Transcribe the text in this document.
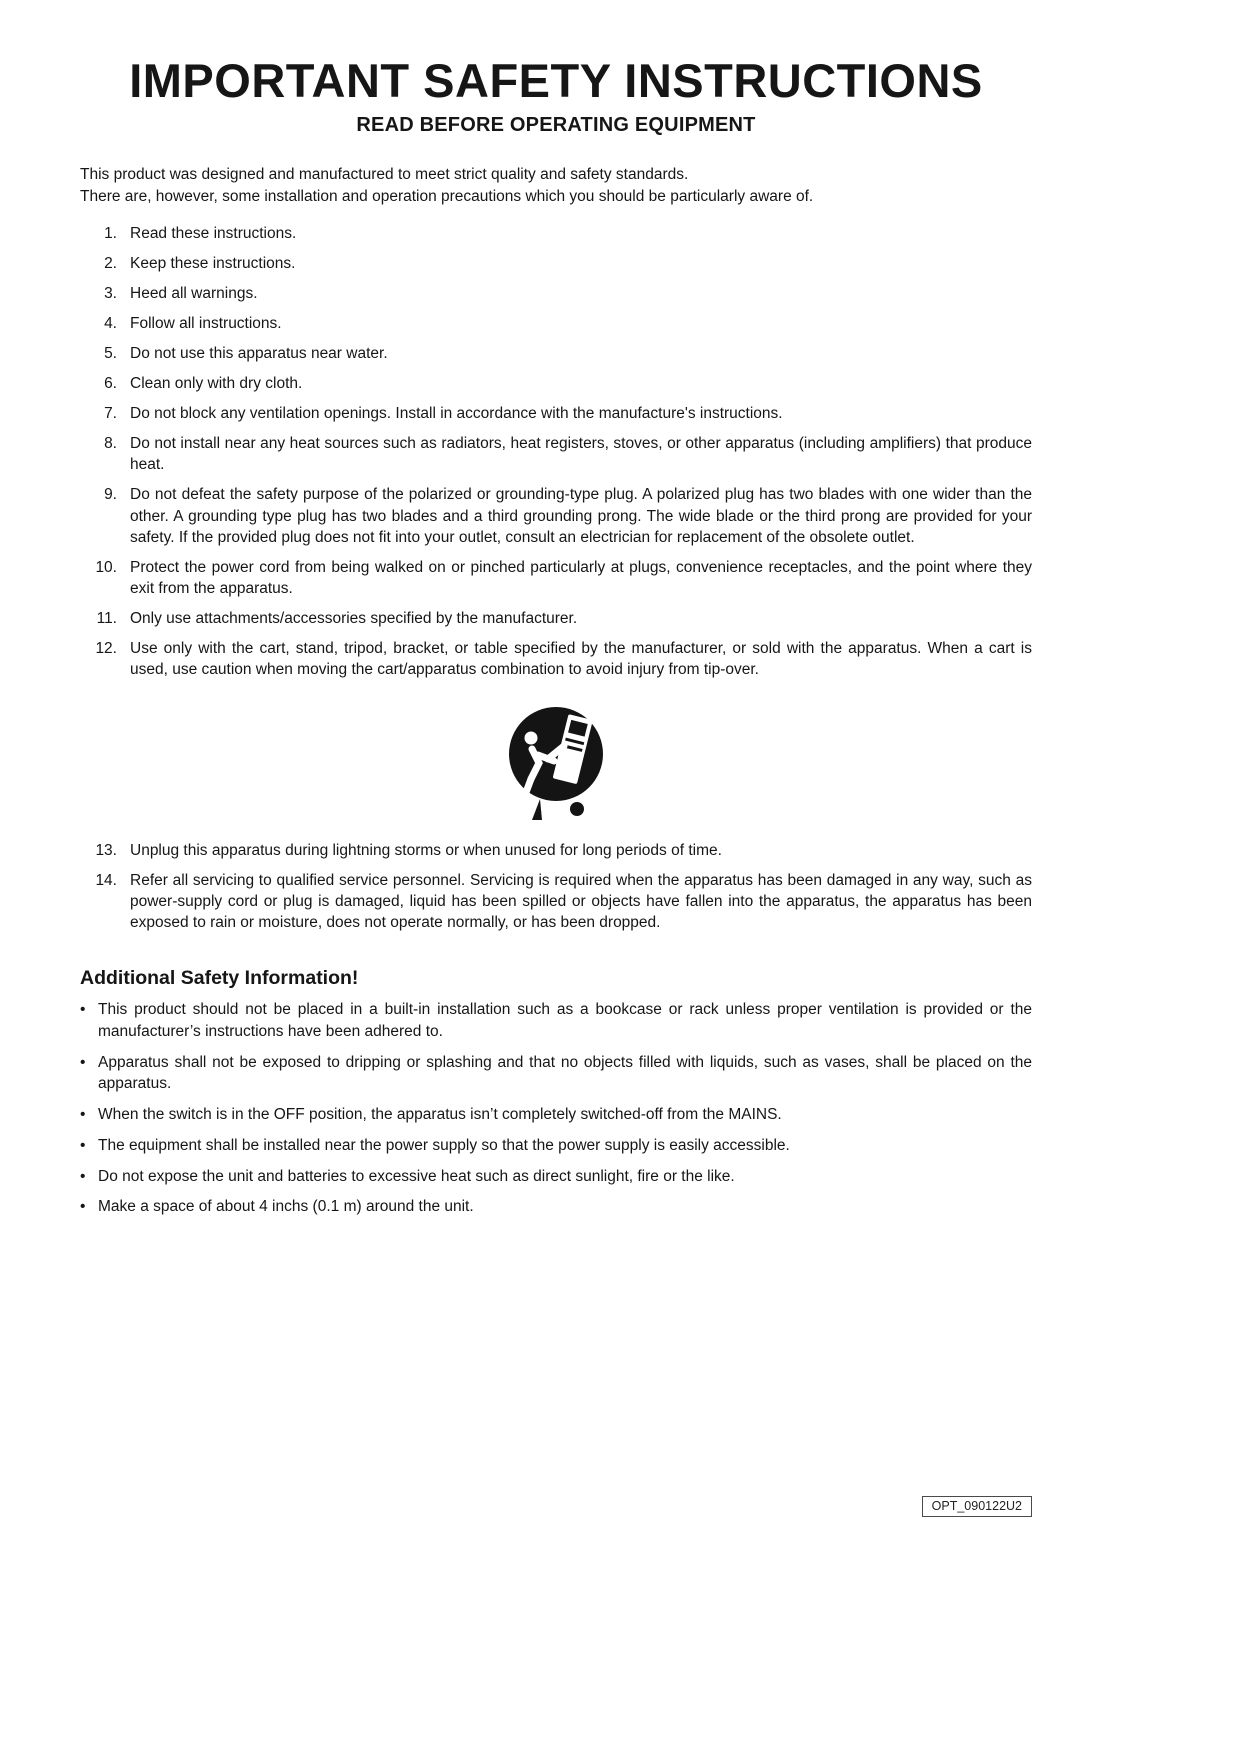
IMPORTANT SAFETY INSTRUCTIONS
READ BEFORE OPERATING EQUIPMENT

This product was designed and manufactured to meet strict quality and safety standards.
There are, however, some installation and operation precautions which you should be particularly aware of.

1. Read these instructions.
2. Keep these instructions.
3. Heed all warnings.
4. Follow all instructions.
5. Do not use this apparatus near water.
6. Clean only with dry cloth.
7. Do not block any ventilation openings. Install in accordance with the manufacture's instructions.
8. Do not install near any heat sources such as radiators, heat registers, stoves, or other apparatus (including amplifiers) that produce heat.
9. Do not defeat the safety purpose of the polarized or grounding-type plug. A polarized plug has two blades with one wider than the other. A grounding type plug has two blades and a third grounding prong. The wide blade or the third prong are provided for your safety. If the provided plug does not fit into your outlet, consult an electrician for replacement of the obsolete outlet.
10. Protect the power cord from being walked on or pinched particularly at plugs, convenience receptacles, and the point where they exit from the apparatus.
11. Only use attachments/accessories specified by the manufacturer.
12. Use only with the cart, stand, tripod, bracket, or table specified by the manufacturer, or sold with the apparatus. When a cart is used, use caution when moving the cart/apparatus combination to avoid injury from tip-over.
13. Unplug this apparatus during lightning storms or when unused for long periods of time.
14. Refer all servicing to qualified service personnel. Servicing is required when the apparatus has been damaged in any way, such as power-supply cord or plug is damaged, liquid has been spilled or objects have fallen into the apparatus, the apparatus has been exposed to rain or moisture, does not operate normally, or has been dropped.
Additional Safety Information!
• This product should not be placed in a built-in installation such as a bookcase or rack unless proper ventilation is provided or the manufacturer’s instructions have been adhered to.
• Apparatus shall not be exposed to dripping or splashing and that no objects filled with liquids, such as vases, shall be placed on the apparatus.
• When the switch is in the OFF position, the apparatus isn’t completely switched-off from the MAINS.
• The equipment shall be installed near the power supply so that the power supply is easily accessible.
• Do not expose the unit and batteries to excessive heat such as direct sunlight, fire or the like.
• Make a space of about 4 inchs (0.1 m) around the unit.
OPT_090122U2
